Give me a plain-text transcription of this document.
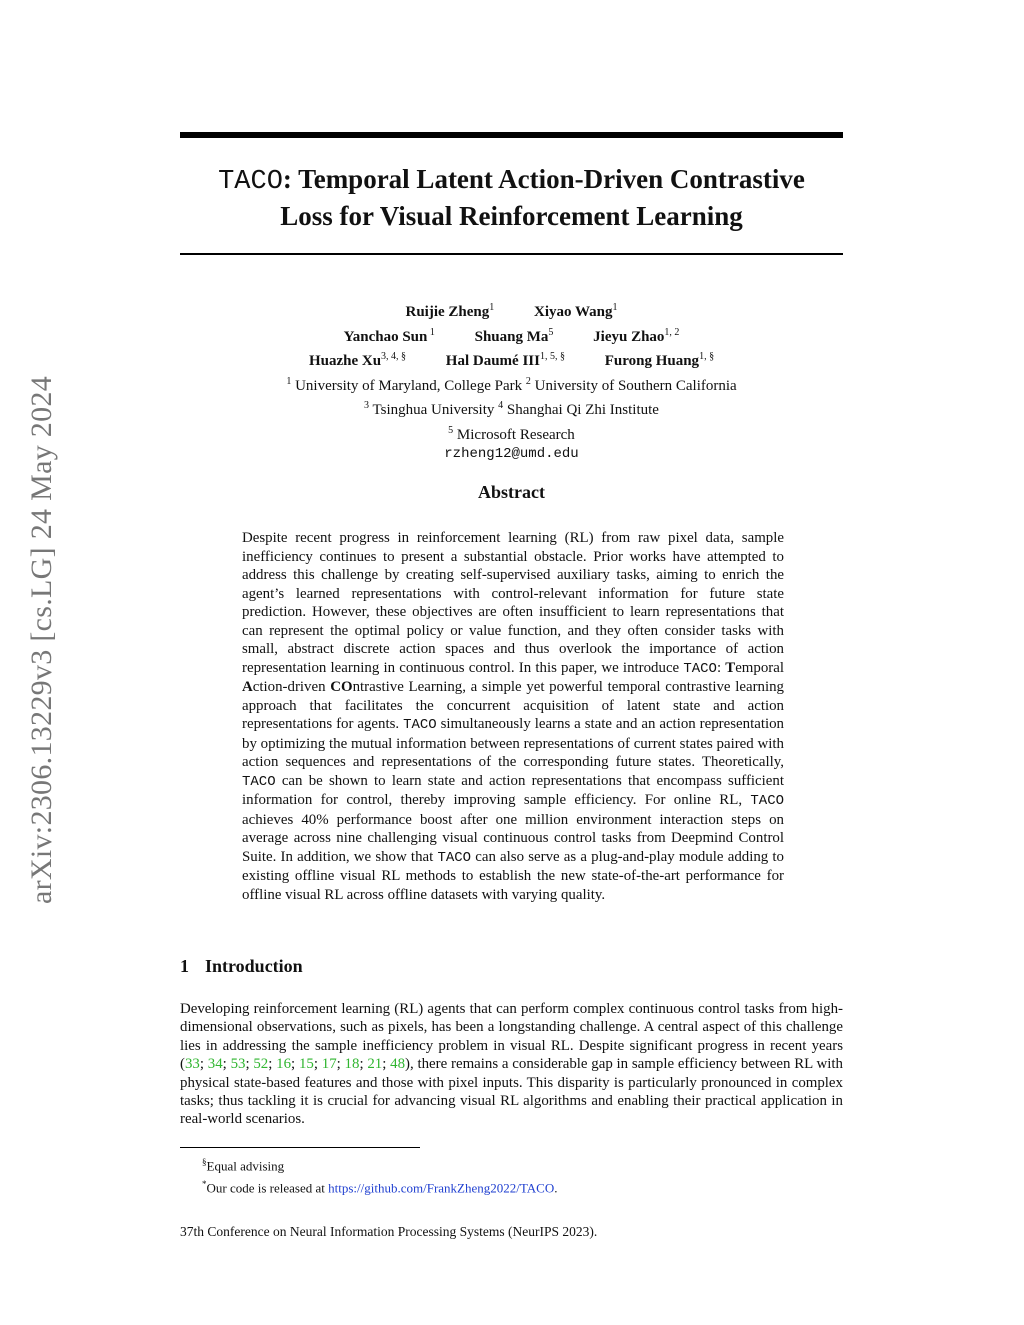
arXiv:2306.13229v3 [cs.LG] 24 May 2024
TACO: Temporal Latent Action-Driven Contrastive
Loss for Visual Reinforcement Learning
Ruijie Zheng$^1$	Xiyao Wang$^1$
Yanchao Sun $^1$	Shuang Ma$^5$	Jieyu Zhao$^{1, 2}$
Huazhe $Xu^{3, 4, \S}$	Hal Daumé $III^{1, 5, \S}$	Furong Huang$^{1, \S}$
$^1$ University of Maryland, College Park $^2$ University of Southern California
$^3$ Tsinghua University $^4$ Shanghai Qi Zhi Institute
$^5$ Microsoft Research
rzheng12@umd.edu
Abstract

Despite recent progress in reinforcement learning (RL) from raw pixel data, sample inefficiency continues to present a substantial obstacle. Prior works have attempted to address this challenge by creating self-supervised auxiliary tasks, aiming to enrich the agent’s learned representations with control-relevant information for future state prediction. However, these objectives are often insufficient to learn representations that can represent the optimal policy or value function, and they often consider tasks with small, abstract discrete action spaces and thus overlook the importance of action representation learning in continuous control. In this paper, we introduce TACO: Temporal Action-driven COntrastive Learning, a simple yet powerful temporal contrastive learning approach that facilitates the concurrent acquisition of latent state and action representations for agents. TACO simultaneously learns a state and an action representation by optimizing the mutual information between representations of current states paired with action sequences and representations of the corresponding future states. Theoretically, TACO can be shown to learn state and action representations that encompass sufficient information for control, thereby improving sample efficiency. For online RL, TACO achieves 40% performance boost after one million environment interaction steps on average across nine challenging visual continuous control tasks from Deepmind Control Suite. In addition, we show that TACO can also serve as a plug-and-play module adding to existing offline visual RL methods to establish the new state-of-the-art performance for offline visual RL across offline datasets with varying quality.

1 Introduction

Developing reinforcement learning (RL) agents that can perform complex continuous control tasks from high-dimensional observations, such as pixels, has been a longstanding challenge. A central aspect of this challenge lies in addressing the sample inefficiency problem in visual RL. Despite significant progress in recent years (33; 34; 53; 52; 16; 15; 17; 18; 21; 48), there remains a considerable gap in sample efficiency between RL with physical state-based features and those with pixel inputs. This disparity is particularly pronounced in complex tasks; thus tackling it is crucial for advancing visual RL algorithms and enabling their practical application in real-world scenarios.

§Equal advising
*Our code is released at https://github.com/FrankZheng2022/TACO.
37th Conference on Neural Information Processing Systems (NeurIPS 2023).
